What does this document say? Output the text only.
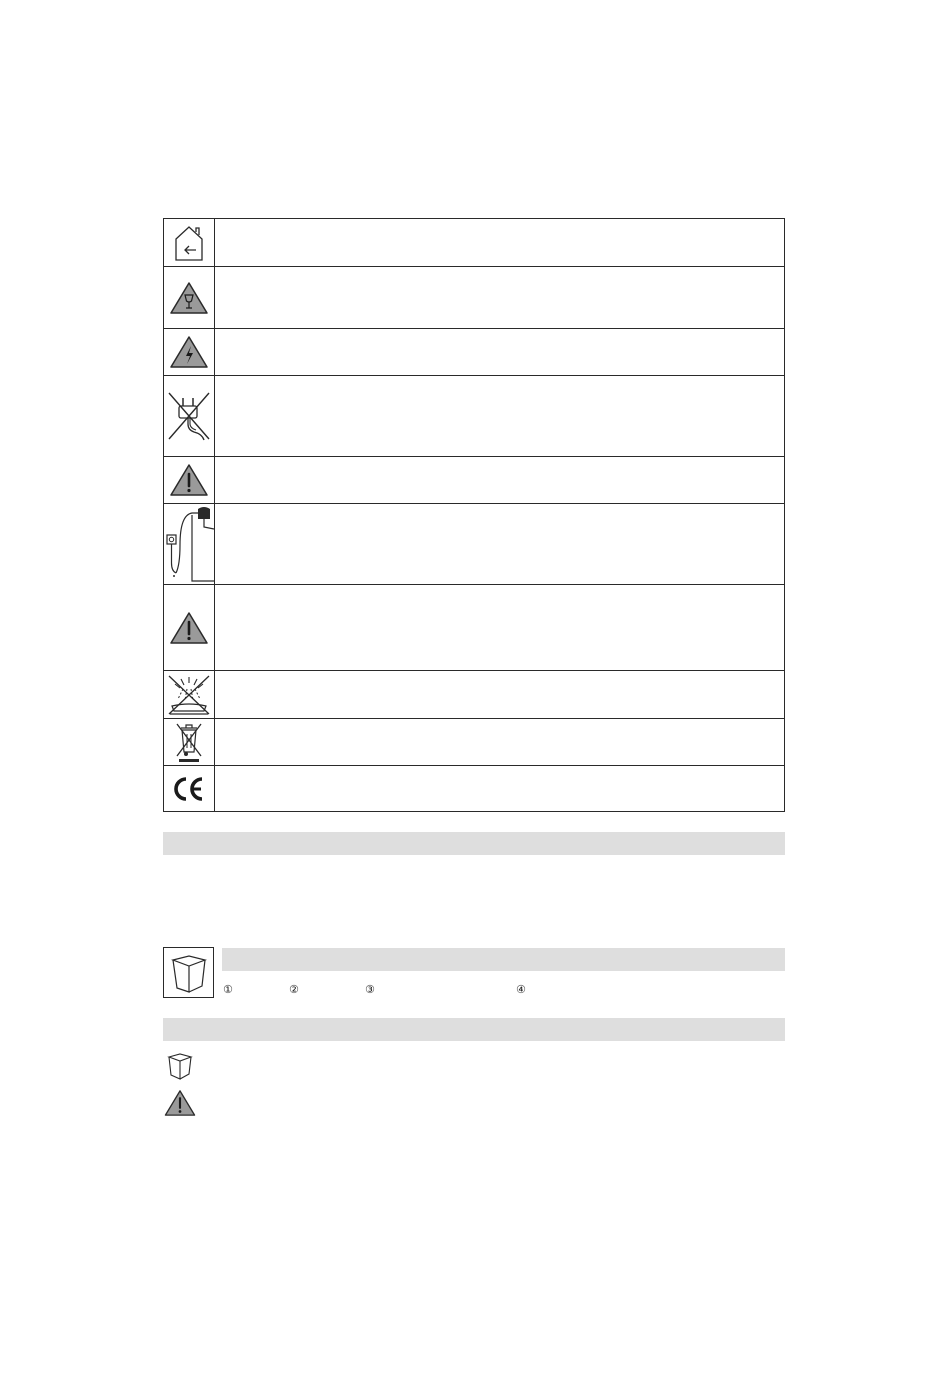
①	②	③	④
